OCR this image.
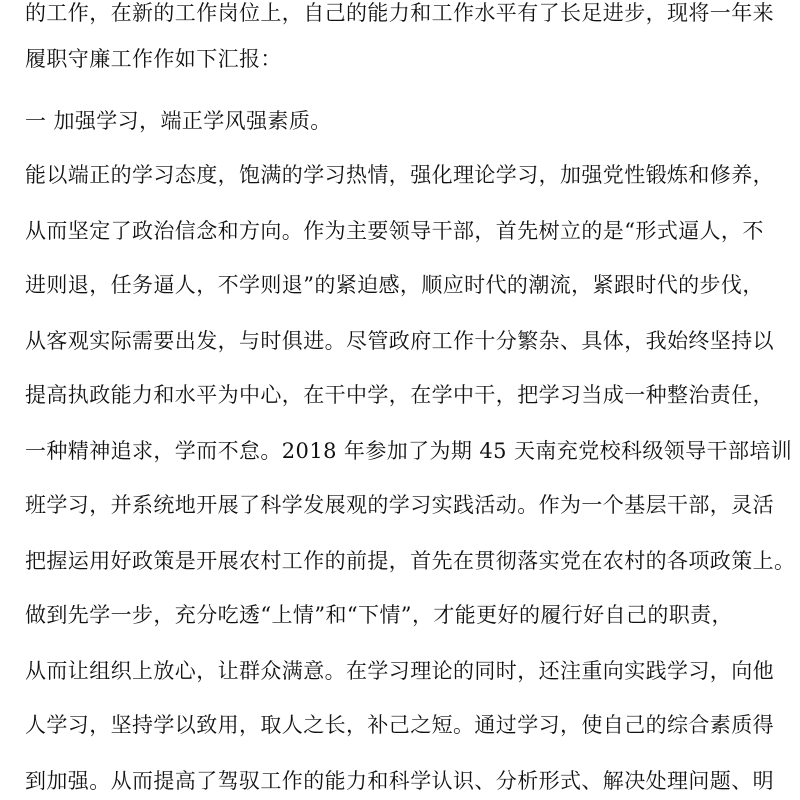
的工作，在新的工作岗位上，自己的能力和工作水平有了长足进步，现将一年来
履职守廉工作作如下汇报：
一 加强学习，端正学风强素质。
能以端正的学习态度，饱满的学习热情，强化理论学习，加强党性锻炼和修养，
从而坚定了政治信念和方向。作为主要领导干部，首先树立的是“形式逼人，不
进则退，任务逼人，不学则退”的紧迫感，顺应时代的潮流，紧跟时代的步伐，
从客观实际需要出发，与时俱进。尽管政府工作十分繁杂、具体，我始终坚持以
提高执政能力和水平为中心，在干中学，在学中干，把学习当成一种整治责任，
一种精神追求，学而不怠。2018 年参加了为期 45 天南充党校科级领导干部培训
班学习，并系统地开展了科学发展观的学习实践活动。作为一个基层干部，灵活
把握运用好政策是开展农村工作的前提，首先在贯彻落实党在农村的各项政策上。
做到先学一步，充分吃透“上情”和“下情”，才能更好的履行好自己的职责，
从而让组织上放心，让群众满意。在学习理论的同时，还注重向实践学习，向他
人学习，坚持学以致用，取人之长，补己之短。通过学习，使自己的综合素质得
到加强。从而提高了驾驭工作的能力和科学认识、分析形式、解决处理问题、明
